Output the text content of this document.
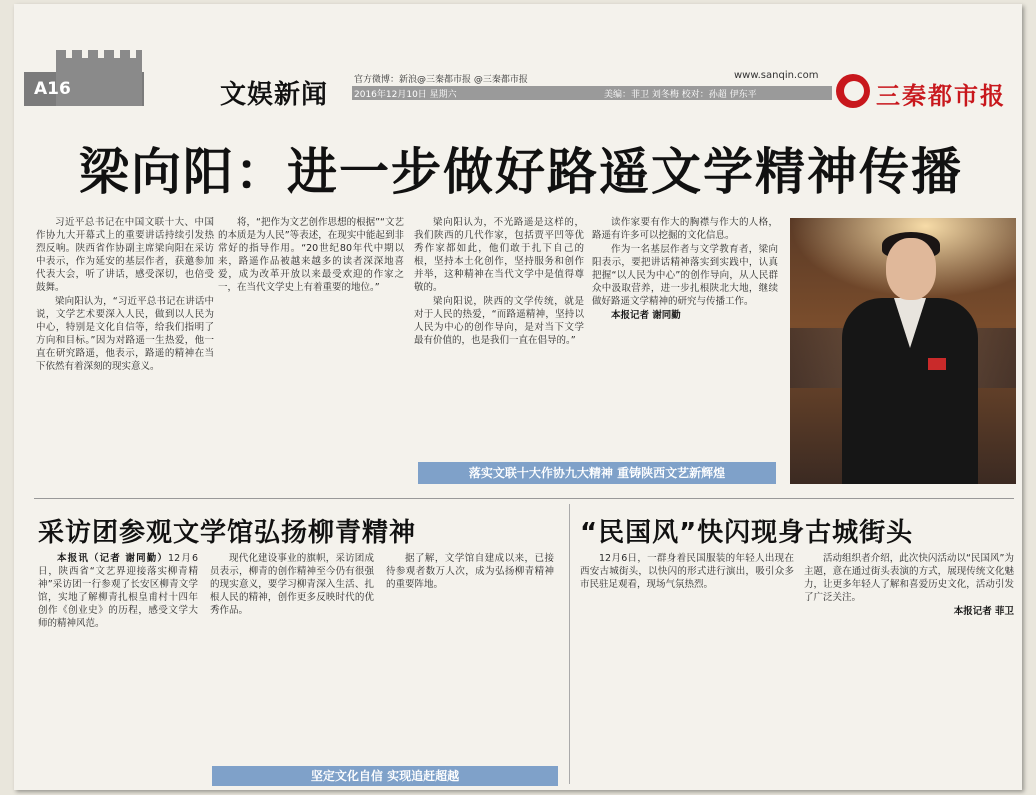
A16	文娱新闻	官方微博：新浪@三秦都市报 @三秦都市报
2016年12月10日 星期六	美编：菲卫 刘冬梅 校对：孙超 伊东平
www.sanqin.com
三秦都市报
梁向阳：进一步做好路遥文学精神传播

习近平总书记在中国文联十大、中国作协九大开幕式上的重要讲话持续引发热烈反响。陕西省作协副主席梁向阳在采访中表示，作为延安的基层作者，获邀参加代表大会，听了讲话，感受深切，也倍受鼓舞。

梁向阳认为，“习近平总书记在讲话中说，文学艺术要深入人民，做到以人民为中心，特别是文化自信等，给我们指明了方向和目标。”因为对路遥一生热爱，他一直在研究路遥，他表示，路遥的精神在当下依然有着深刻的现实意义。

将，“把作为文艺创作思想的根据”“文艺的本质是为人民”等表述，在现实中能起到非常好的指导作用。“20世纪80年代中期以来，路遥作品被越来越多的读者深深地喜爱，成为改革开放以来最受欢迎的作家之一，在当代文学史上有着重要的地位。”

梁向阳认为，不光路遥是这样的，我们陕西的几代作家，包括贾平凹等优秀作家都如此，他们敢于扎下自己的根，坚持本土化创作，坚持服务和创作并举，这种精神在当代文学中是值得尊敬的。

梁向阳说，陕西的文学传统，就是对于人民的热爱，“而路遥精神，坚持以人民为中心的创作导向，是对当下文学最有价值的，也是我们一直在倡导的。”

读作家要有作大的胸襟与作大的人格，路遥有许多可以挖掘的文化信息。

作为一名基层作者与文学教育者，梁向阳表示，要把讲话精神落实到实践中，认真把握“以人民为中心”的创作导向，从人民群众中汲取营养，进一步扎根陕北大地，继续做好路遥文学精神的研究与传播工作。

本报记者 谢同勤

落实文联十大作协九大精神 重铸陕西文艺新辉煌
采访团参观文学馆弘扬柳青精神	“民国风”快闪现身古城街头

本报讯（记者 谢同勤）12月6日，陕西省“文艺界迎接落实柳青精神”采访团一行参观了长安区柳青文学馆，实地了解柳青扎根皇甫村十四年创作《创业史》的历程，感受文学大师的精神风范。

现代化建设事业的旗帜，采访团成员表示，柳青的创作精神至今仍有很强的现实意义，要学习柳青深入生活、扎根人民的精神，创作更多反映时代的优秀作品。

据了解，文学馆自建成以来，已接待参观者数万人次，成为弘扬柳青精神的重要阵地。

坚定文化自信 实现追赶超越

12月6日，一群身着民国服装的年轻人出现在西安古城街头，以快闪的形式进行演出，吸引众多市民驻足观看，现场气氛热烈。

活动组织者介绍，此次快闪活动以“民国风”为主题，意在通过街头表演的方式，展现传统文化魅力，让更多年轻人了解和喜爱历史文化，活动引发了广泛关注。

本报记者 菲卫
